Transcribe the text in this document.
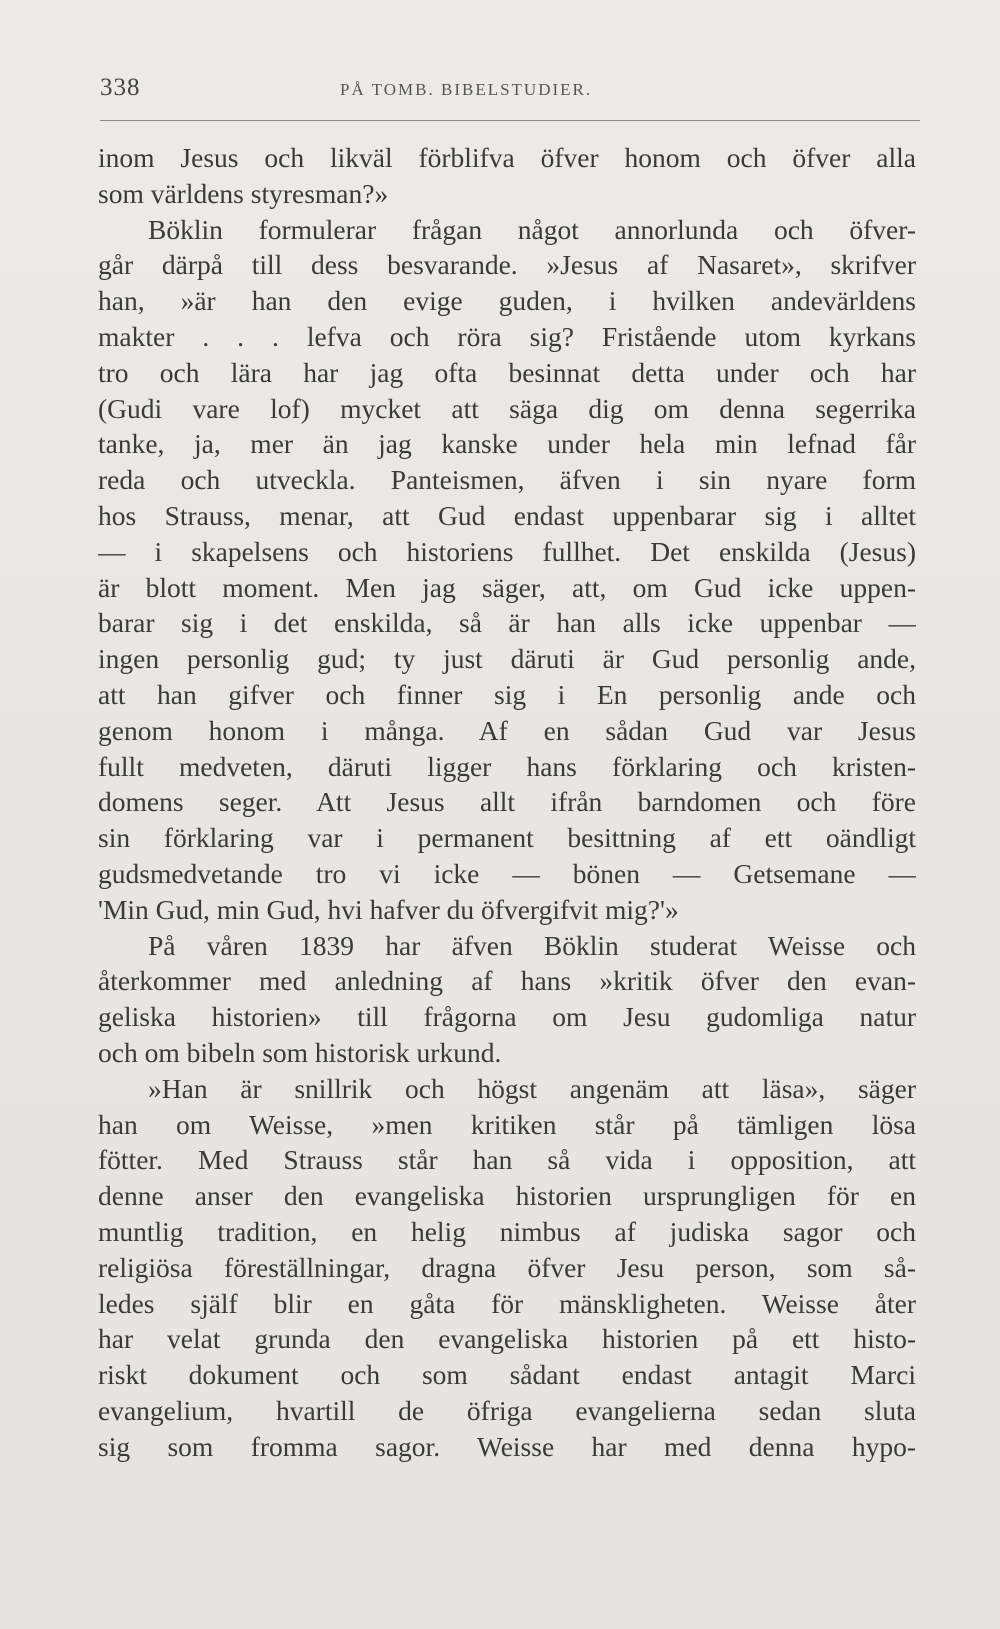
338	PÅ TOMB. BIBELSTUDIER.
inom Jesus och likväl förblifva öfver honom och öfver alla
som världens styresman?»
Böklin formulerar frågan något annorlunda och öfver-
går därpå till dess besvarande. »Jesus af Nasaret», skrifver
han, »är han den evige guden, i hvilken andevärldens
makter . . . lefva och röra sig? Fristående utom kyrkans
tro och lära har jag ofta besinnat detta under och har
(Gudi vare lof) mycket att säga dig om denna segerrika
tanke, ja, mer än jag kanske under hela min lefnad får
reda och utveckla. Panteismen, äfven i sin nyare form
hos Strauss, menar, att Gud endast uppenbarar sig i alltet
— i skapelsens och historiens fullhet. Det enskilda (Jesus)
är blott moment. Men jag säger, att, om Gud icke uppen-
barar sig i det enskilda, så är han alls icke uppenbar —
ingen personlig gud; ty just däruti är Gud personlig ande,
att han gifver och finner sig i En personlig ande och
genom honom i många. Af en sådan Gud var Jesus
fullt medveten, däruti ligger hans förklaring och kristen-
domens seger. Att Jesus allt ifrån barndomen och före
sin förklaring var i permanent besittning af ett oändligt
gudsmedvetande tro vi icke — bönen — Getsemane —
'Min Gud, min Gud, hvi hafver du öfvergifvit mig?'»
På våren 1839 har äfven Böklin studerat Weisse och
återkommer med anledning af hans »kritik öfver den evan-
geliska historien» till frågorna om Jesu gudomliga natur
och om bibeln som historisk urkund.
»Han är snillrik och högst angenäm att läsa», säger
han om Weisse, »men kritiken står på tämligen lösa
fötter. Med Strauss står han så vida i opposition, att
denne anser den evangeliska historien ursprungligen för en
muntlig tradition, en helig nimbus af judiska sagor och
religiösa föreställningar, dragna öfver Jesu person, som så-
ledes själf blir en gåta för mänskligheten. Weisse åter
har velat grunda den evangeliska historien på ett histo-
riskt dokument och som sådant endast antagit Marci
evangelium, hvartill de öfriga evangelierna sedan sluta
sig som fromma sagor. Weisse har med denna hypo-
